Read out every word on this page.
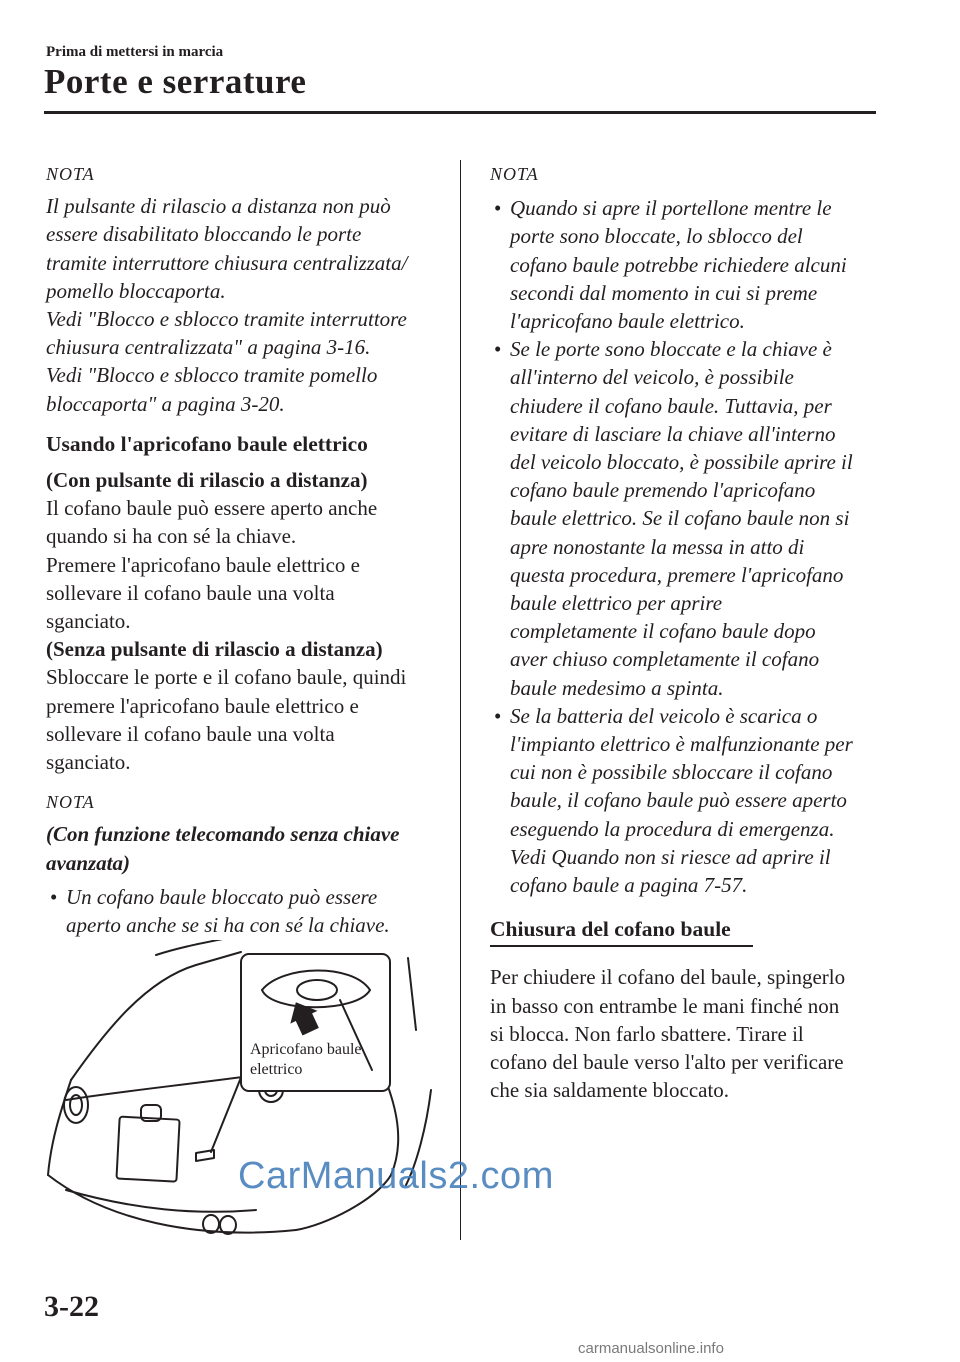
Prima di mettersi in marcia
Porte e serrature

NOTA

Il pulsante di rilascio a distanza non può

essere disabilitato bloccando le porte

tramite interruttore chiusura centralizzata/

pomello bloccaporta.

Vedi "Blocco e sblocco tramite interruttore

chiusura centralizzata" a pagina 3-16.

Vedi "Blocco e sblocco tramite pomello

bloccaporta" a pagina 3-20.

Usando l'apricofano baule elettrico

(Con pulsante di rilascio a distanza)

Il cofano baule può essere aperto anche

quando si ha con sé la chiave.

Premere l'apricofano baule elettrico e

sollevare il cofano baule una volta

sganciato.

(Senza pulsante di rilascio a distanza)

Sbloccare le porte e il cofano baule, quindi

premere l'apricofano baule elettrico e

sollevare il cofano baule una volta

sganciato.

NOTA

(Con funzione telecomando senza chiave

avanzata)

• Un cofano baule bloccato può essere
aperto anche se si ha con sé la chiave.
Apricofano baule
elettrico

NOTA

• Quando si apre il portellone mentre le
porte sono bloccate, lo sblocco del
cofano baule potrebbe richiedere alcuni
secondi dal momento in cui si preme
l'apricofano baule elettrico.
• Se le porte sono bloccate e la chiave è
all'interno del veicolo, è possibile
chiudere il cofano baule. Tuttavia, per
evitare di lasciare la chiave all'interno
del veicolo bloccato, è possibile aprire il
cofano baule premendo l'apricofano
baule elettrico. Se il cofano baule non si
apre nonostante la messa in atto di
questa procedura, premere l'apricofano
baule elettrico per aprire
completamente il cofano baule dopo
aver chiuso completamente il cofano
baule medesimo a spinta.
• Se la batteria del veicolo è scarica o
l'impianto elettrico è malfunzionante per
cui non è possibile sbloccare il cofano
baule, il cofano baule può essere aperto
eseguendo la procedura di emergenza.
Vedi Quando non si riesce ad aprire il
cofano baule a pagina 7-57.
Chiusura del cofano baule

Per chiudere il cofano del baule, spingerlo

in basso con entrambe le mani finché non

si blocca. Non farlo sbattere. Tirare il

cofano del baule verso l'alto per verificare

che sia saldamente bloccato.

CarManuals2.com
3-22
carmanualsonline.info
